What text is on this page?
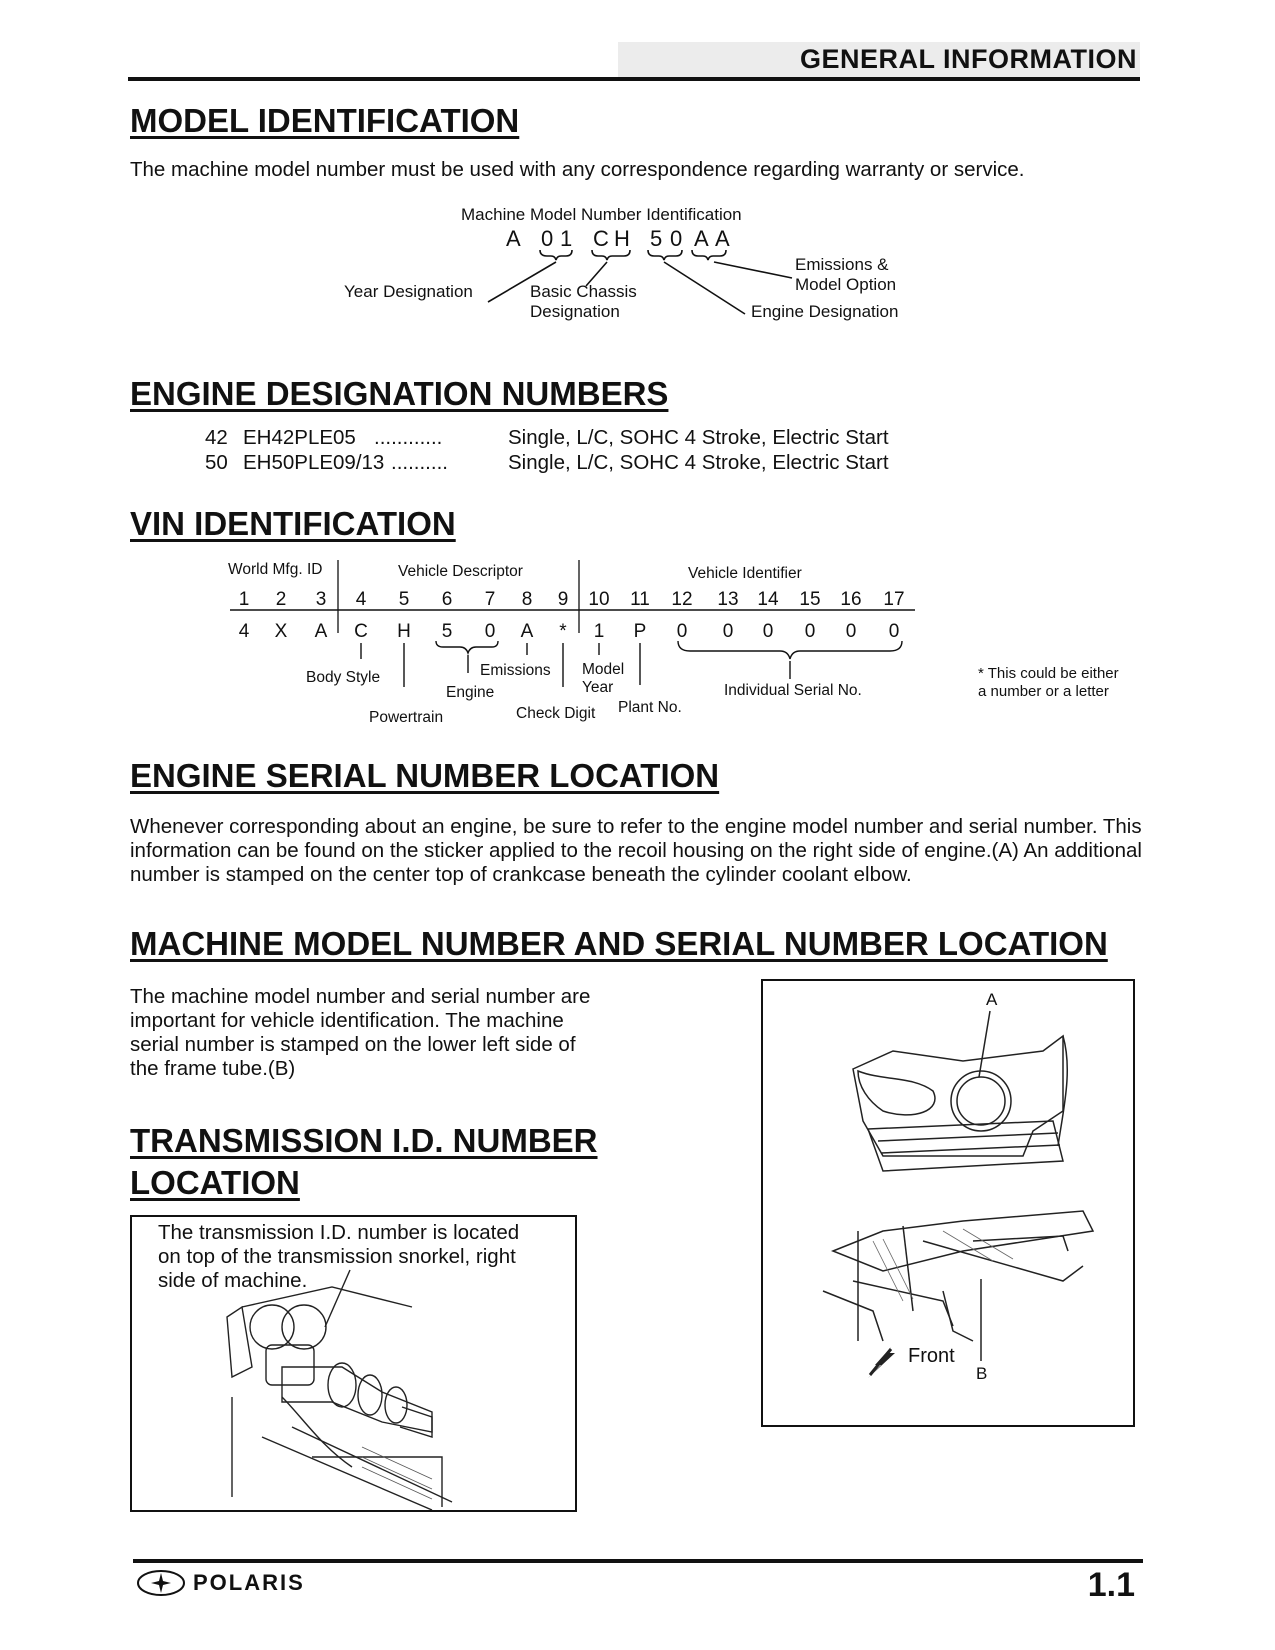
GENERAL INFORMATION
MODEL IDENTIFICATION
The machine model number must be used with any correspondence regarding warranty or service.
Machine Model Number Identification
A 0 1 C H 5 0 A A
Year Designation	Basic Chassis
Designation
Emissions &
Model Option
Engine Designation
ENGINE DESIGNATION NUMBERS
42 EH42PLE05 ............	Single, L/C, SOHC 4 Stroke, Electric Start
50 EH50PLE09/13 ..........	Single, L/C, SOHC 4 Stroke, Electric Start
VIN IDENTIFICATION
World Mfg. ID	Vehicle Descriptor	Vehicle Identifier
1 2 3 4 5 6 7 8 9 10 11 12 13 14 15 16 17
4 X A C H 5 0 A * 1 P 0 0 0 0 0 0
Body Style
Powertrain
Engine
Emissions
Check Digit
Model
Year
Plant No.
Individual Serial No.
* This could be either
a number or a letter
ENGINE SERIAL NUMBER LOCATION
Whenever corresponding about an engine, be sure to refer to the engine model number and serial number. This
information can be found on the sticker applied to the recoil housing on the right side of engine.(A) An additional
number is stamped on the center top of crankcase beneath the cylinder coolant elbow.
MACHINE MODEL NUMBER AND SERIAL NUMBER LOCATION
The machine model number and serial number are
important for vehicle identification. The machine
serial number is stamped on the lower left side of
the frame tube.(B)
TRANSMISSION I.D. NUMBER
LOCATION
The transmission I.D. number is located
on top of the transmission snorkel, right
side of machine.
A
B
Front
POLARIS	1.1
